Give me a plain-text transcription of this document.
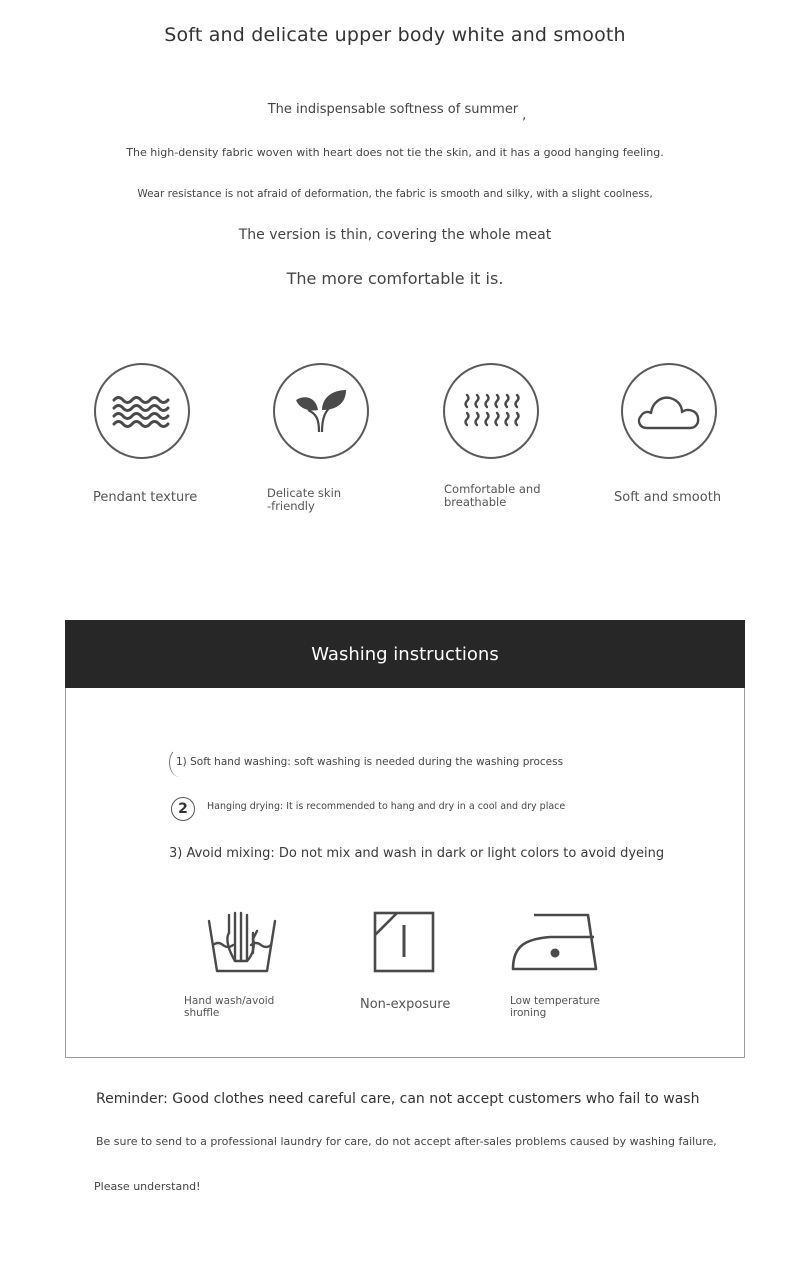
Soft and delicate upper body white and smooth
The indispensable softness of summer ,
The high-density fabric woven with heart does not tie the skin, and it has a good hanging feeling.
Wear resistance is not afraid of deformation, the fabric is smooth and silky, with a slight coolness,
The version is thin, covering the whole meat
The more comfortable it is.
Pendant texture	Delicate skin
-friendly
Comfortable and
breathable	Soft and smooth
Washing instructions
1) Soft hand washing: soft washing is needed during the washing process
2	Hanging drying: It is recommended to hang and dry in a cool and dry place
3) Avoid mixing: Do not mix and wash in dark or light colors to avoid dyeing
Hand wash/avoid
shuffle
Non-exposure	Low temperature
ironing
Reminder: Good clothes need careful care, can not accept customers who fail to wash
Be sure to send to a professional laundry for care, do not accept after-sales problems caused by washing failure,
Please understand!
